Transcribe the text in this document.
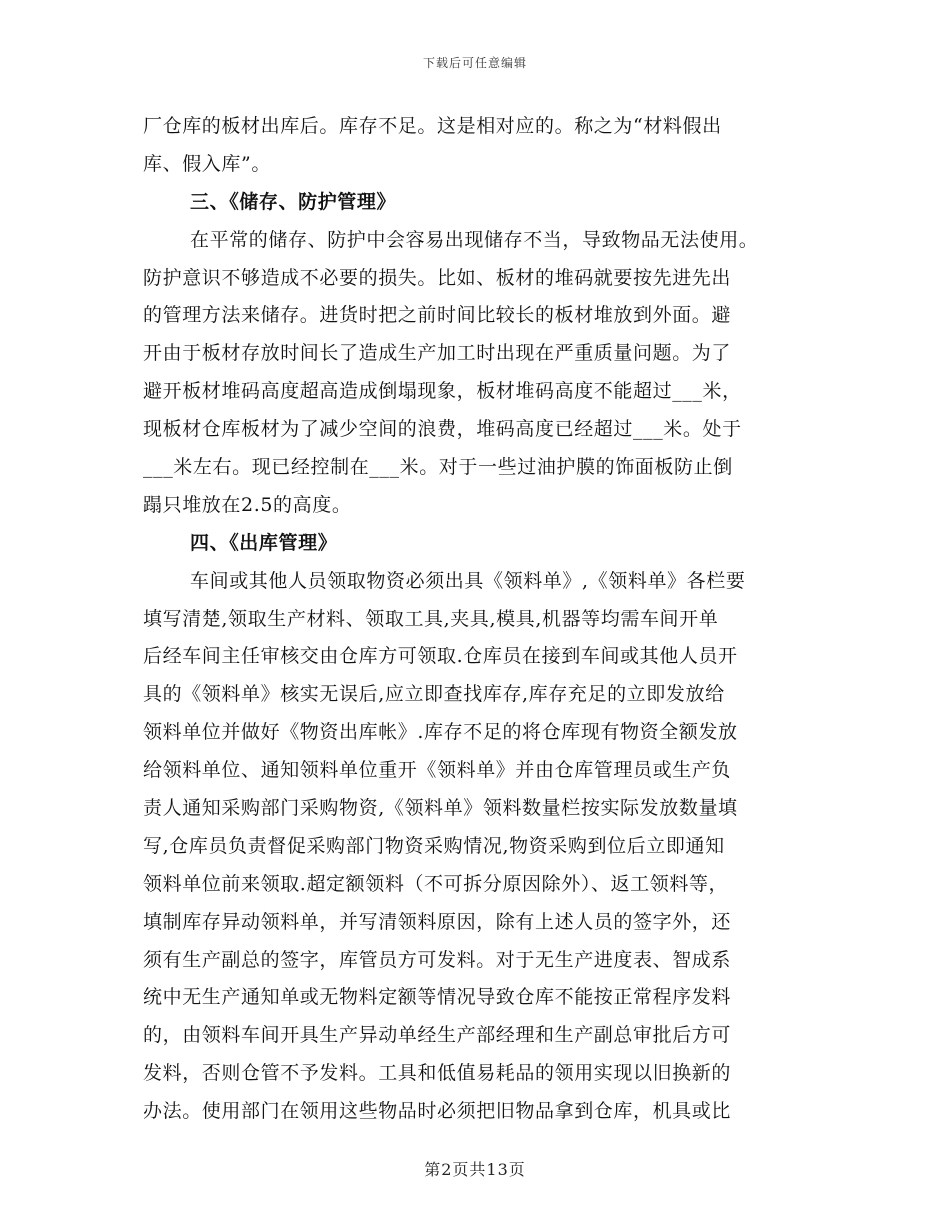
下载后可任意编辑
厂仓库的板材出库后。库存不足。这是相对应的。称之为“材料假出
库、假入库”。
三、《储存、防护管理》
在平常的储存、防护中会容易出现储存不当，导致物品无法使用。
防护意识不够造成不必要的损失。比如、板材的堆码就要按先进先出
的管理方法来储存。进货时把之前时间比较长的板材堆放到外面。避
开由于板材存放时间长了造成生产加工时出现在严重质量问题。为了
避开板材堆码高度超高造成倒塌现象，板材堆码高度不能超过___米，
现板材仓库板材为了减少空间的浪费，堆码高度已经超过___米。处于
___米左右。现已经控制在___米。对于一些过油护膜的饰面板防止倒
蹋只堆放在2.5的高度。
四、《出库管理》
车间或其他人员领取物资必须出具《领料单》,《领料单》各栏要
填写清楚,领取生产材料、领取工具,夹具,模具,机器等均需车间开单
后经车间主任审核交由仓库方可领取.仓库员在接到车间或其他人员开
具的《领料单》核实无误后,应立即查找库存,库存充足的立即发放给
领料单位并做好《物资出库帐》.库存不足的将仓库现有物资全额发放
给领料单位、通知领料单位重开《领料单》并由仓库管理员或生产负
责人通知采购部门采购物资,《领料单》领料数量栏按实际发放数量填
写,仓库员负责督促采购部门物资采购情况,物资采购到位后立即通知
领料单位前来领取.超定额领料（不可拆分原因除外）、返工领料等，
填制库存异动领料单，并写清领料原因，除有上述人员的签字外，还
须有生产副总的签字，库管员方可发料。对于无生产进度表、智成系
统中无生产通知单或无物料定额等情况导致仓库不能按正常程序发料
的，由领料车间开具生产异动单经生产部经理和生产副总审批后方可
发料，否则仓管不予发料。工具和低值易耗品的领用实现以旧换新的
办法。使用部门在领用这些物品时必须把旧物品拿到仓库，机具或比
第2页共13页
